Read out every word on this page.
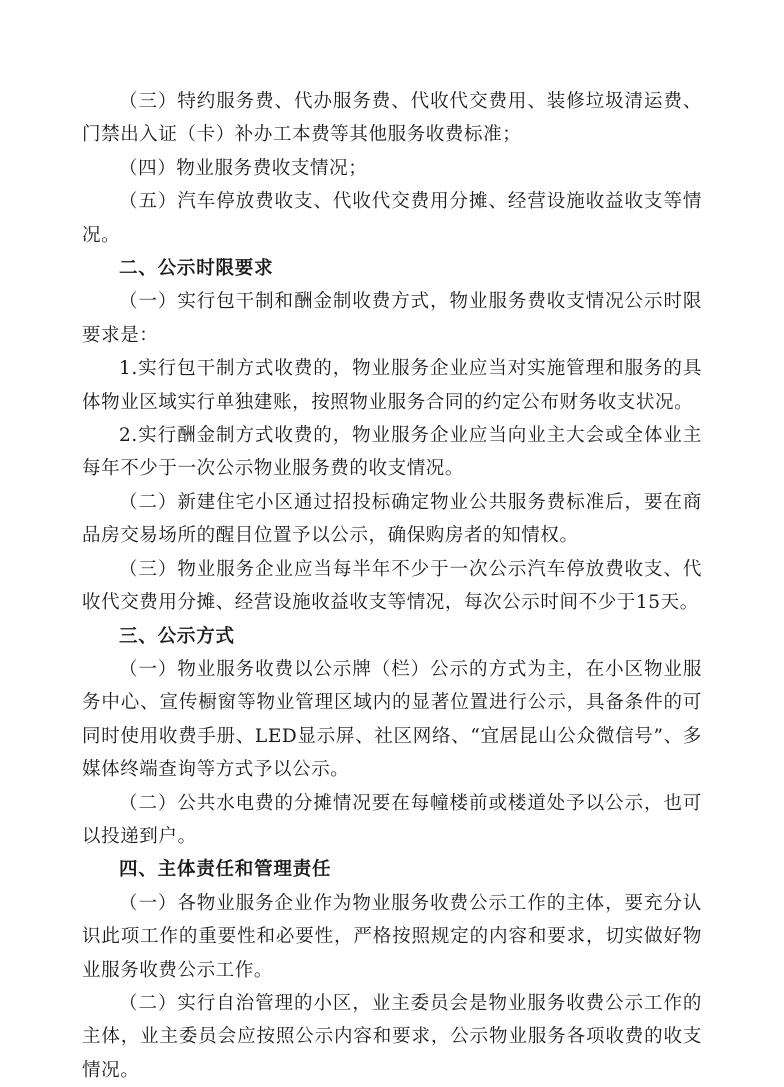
（三）特约服务费、代办服务费、代收代交费用、装修垃圾清运费、门禁出入证（卡）补办工本费等其他服务收费标准；

（四）物业服务费收支情况；

（五）汽车停放费收支、代收代交费用分摊、经营设施收益收支等情况。

二、公示时限要求

（一）实行包干制和酬金制收费方式，物业服务费收支情况公示时限要求是：

1.实行包干制方式收费的，物业服务企业应当对实施管理和服务的具体物业区域实行单独建账，按照物业服务合同的约定公布财务收支状况。

2.实行酬金制方式收费的，物业服务企业应当向业主大会或全体业主每年不少于一次公示物业服务费的收支情况。

（二）新建住宅小区通过招投标确定物业公共服务费标准后，要在商品房交易场所的醒目位置予以公示，确保购房者的知情权。

（三）物业服务企业应当每半年不少于一次公示汽车停放费收支、代收代交费用分摊、经营设施收益收支等情况，每次公示时间不少于15天。

三、公示方式

（一）物业服务收费以公示牌（栏）公示的方式为主，在小区物业服务中心、宣传橱窗等物业管理区域内的显著位置进行公示，具备条件的可同时使用收费手册、LED显示屏、社区网络、“宜居昆山公众微信号”、多媒体终端查询等方式予以公示。

（二）公共水电费的分摊情况要在每幢楼前或楼道处予以公示，也可以投递到户。

四、主体责任和管理责任

（一）各物业服务企业作为物业服务收费公示工作的主体，要充分认识此项工作的重要性和必要性，严格按照规定的内容和要求，切实做好物业服务收费公示工作。

（二）实行自治管理的小区，业主委员会是物业服务收费公示工作的主体，业主委员会应按照公示内容和要求，公示物业服务各项收费的收支情况。
